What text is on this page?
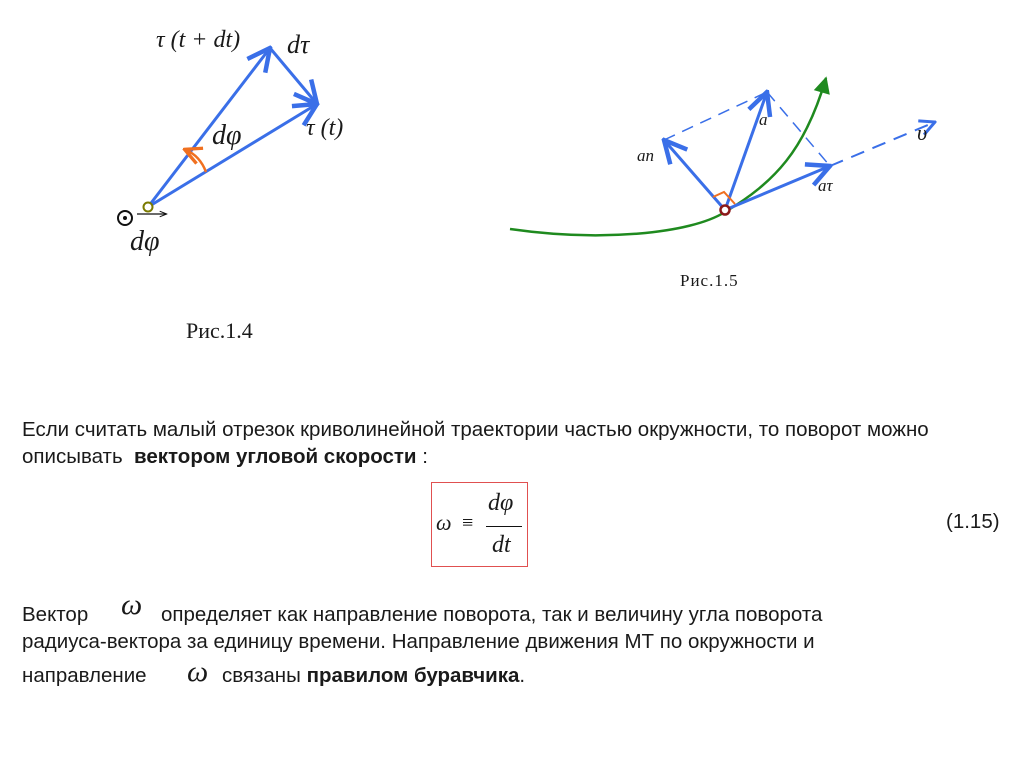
τ (t + dt) dτ
τ (t)
dφ
dφ
Рис.1.4
a
an
aτ
υ
Рис.1.5
Если считать малый отрезок криволинейной траектории частью окружности, то поворот можно описывать вектором угловой скорости :
ω ≡
dφ
dt
(1.15)
Вектор ω определяет как направление поворота, так и величину угла поворота
радиуса-вектора за единицу времени. Направление движения МТ по окружности и
направление ω связаны правилом буравчика.
